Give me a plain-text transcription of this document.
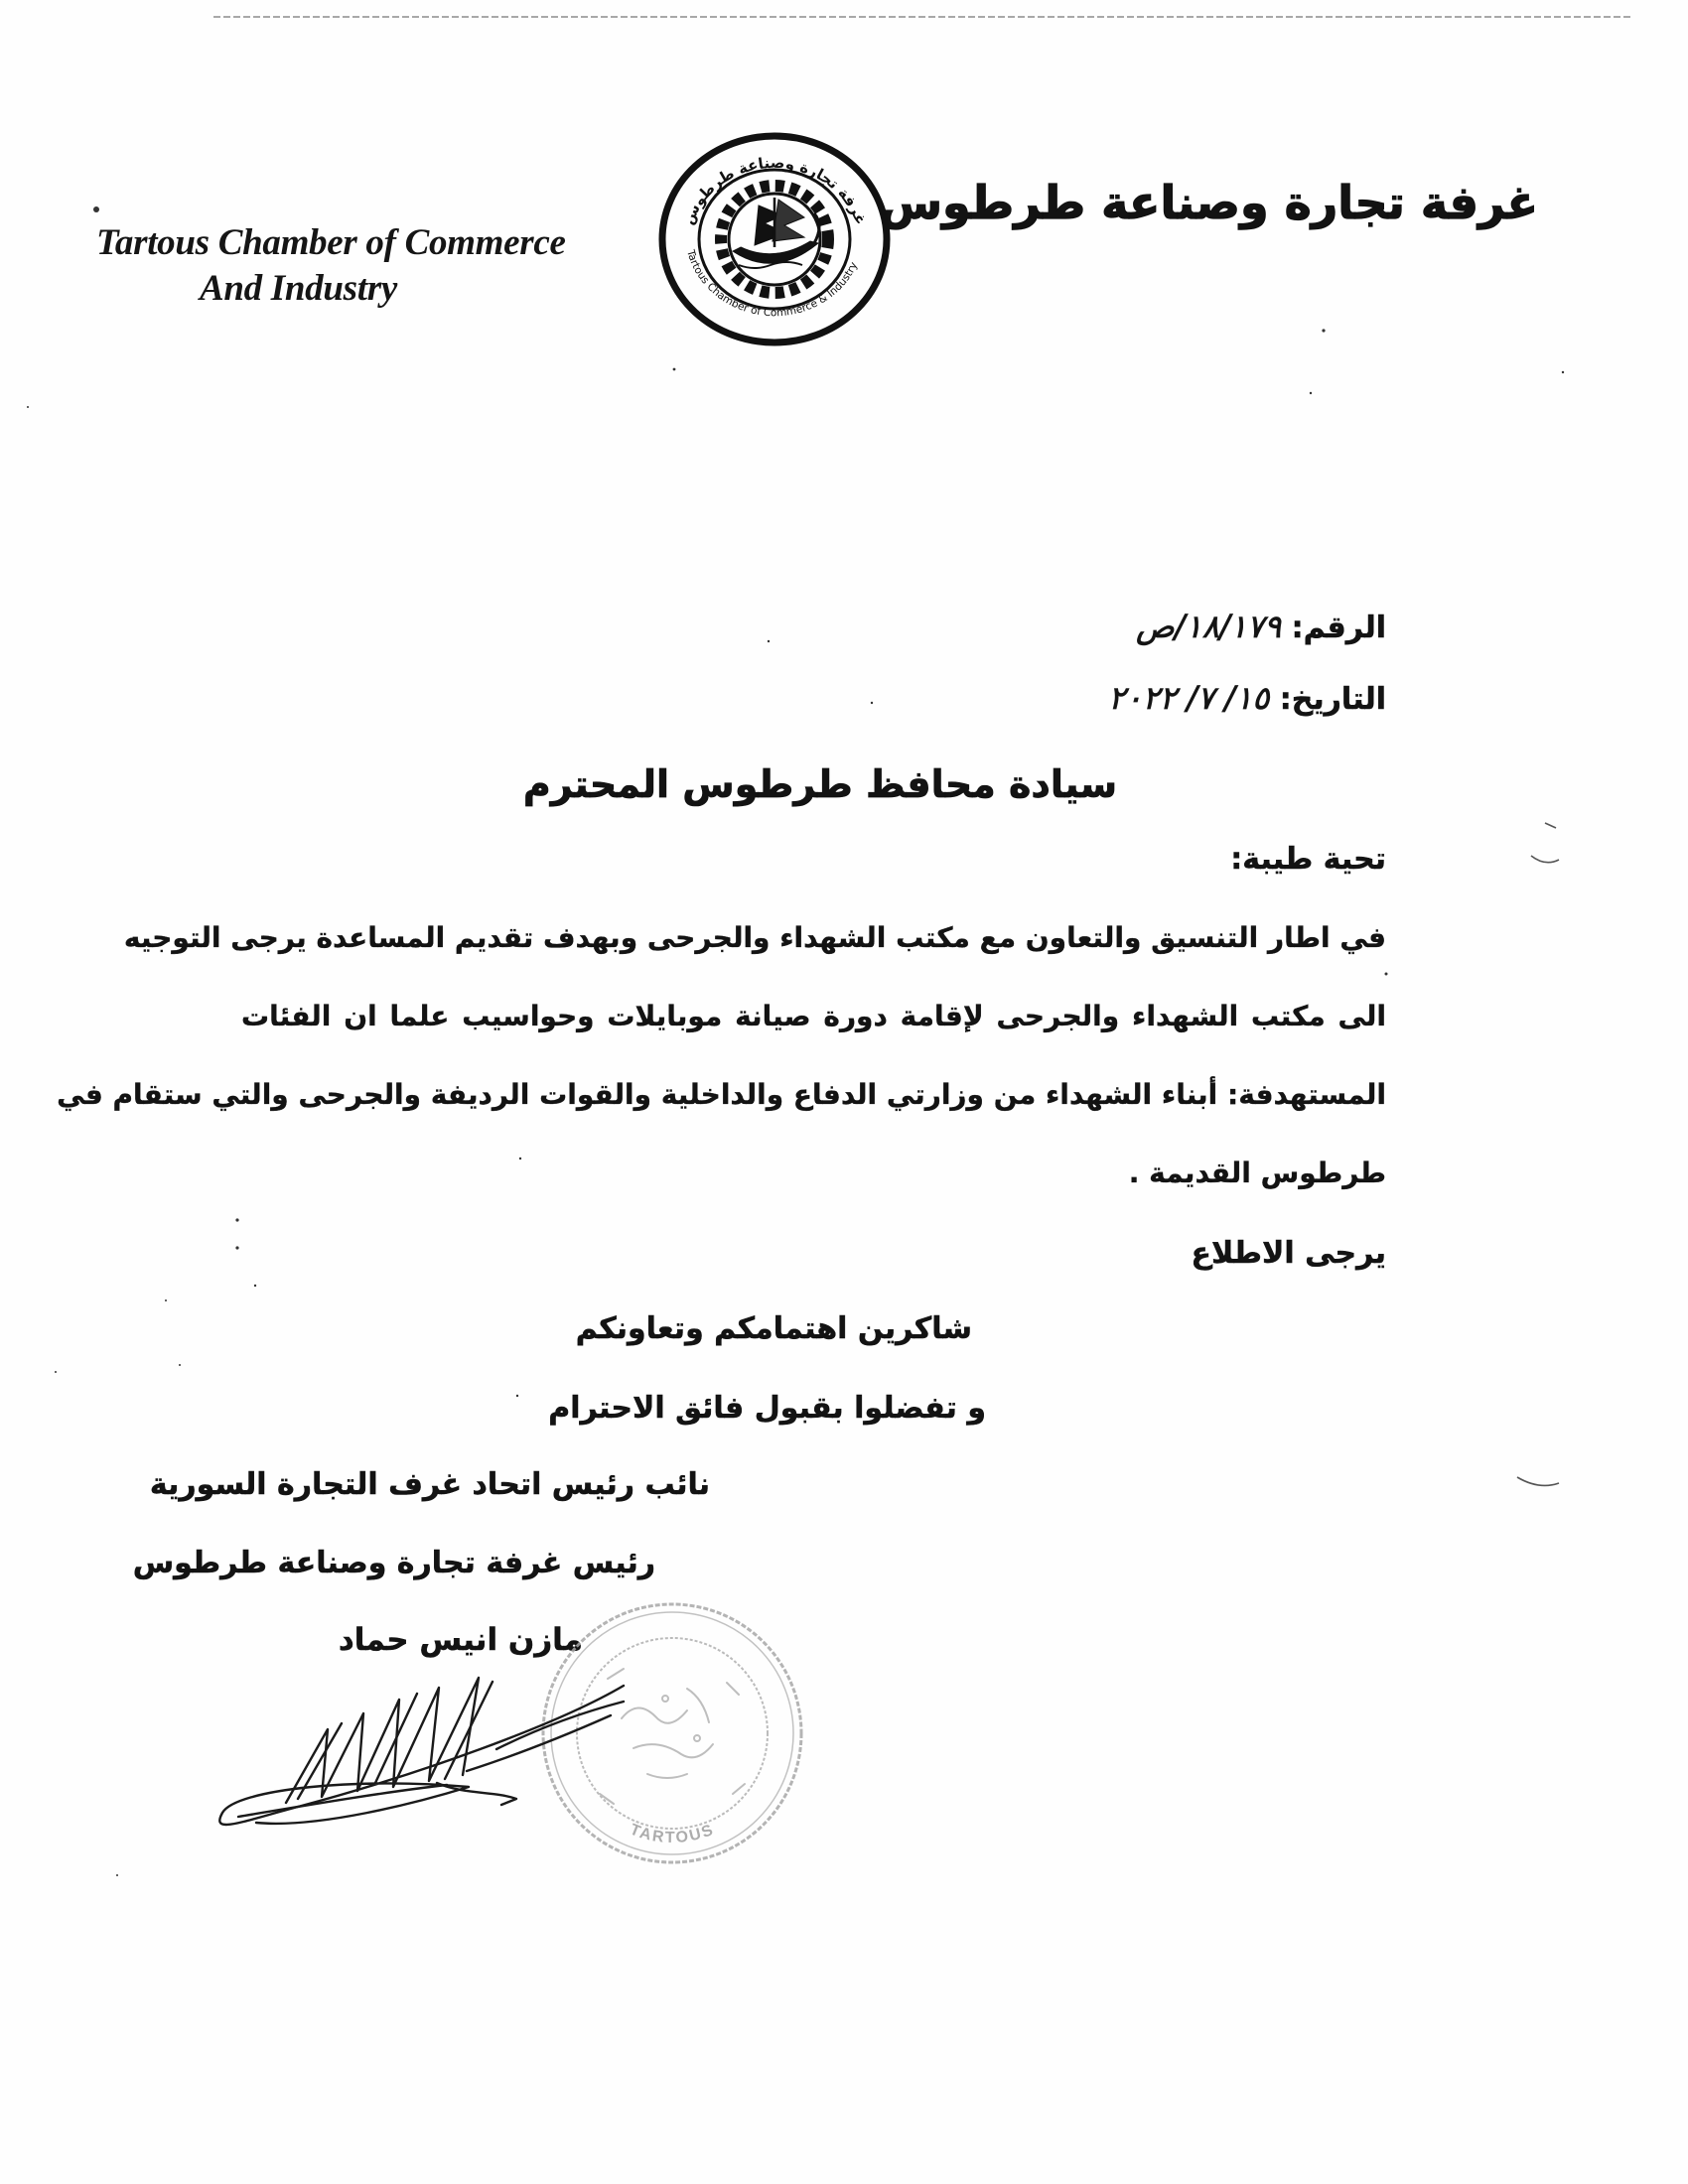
غرفة تجارة وصناعة طرطوس
Tartous Chamber of Commerce
And Industry
غرفة تجارة وصناعة طرطوس
Tartous Chamber of Commerce & Industry
الرقم: ١٨/١٧٩/ص
التاريخ: ١٥/ ٧/ ٢٠٢٢
سيادة محافظ طرطوس المحترم
تحية طيبة:
في اطار التنسيق والتعاون مع مكتب الشهداء والجرحى وبهدف تقديم المساعدة يرجى التوجيه
الى مكتب الشهداء والجرحى لإقامة دورة صيانة موبايلات وحواسيب علما ان الفئات
المستهدفة: أبناء الشهداء من وزارتي الدفاع والداخلية والقوات الرديفة والجرحى والتي ستقام في
طرطوس القديمة .
يرجى الاطلاع
شاكرين اهتمامكم وتعاونكم
و تفضلوا بقبول فائق الاحترام
نائب رئيس اتحاد غرف التجارة السورية
رئيس غرفة تجارة وصناعة طرطوس
مازن انيس حماد
TARTOUS
